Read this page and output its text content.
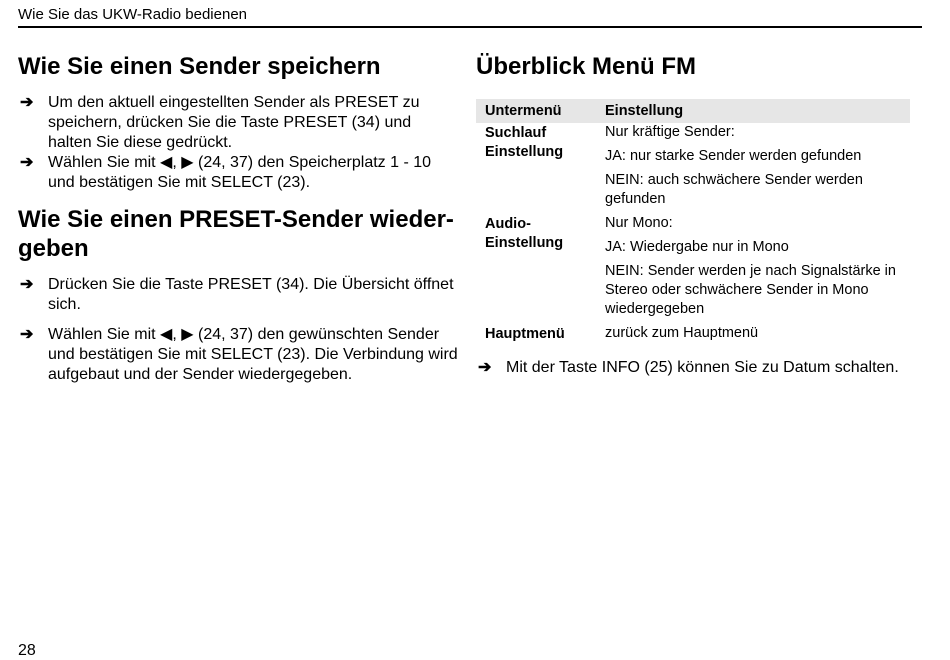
Wie Sie das UKW-Radio bedienen
Wie Sie einen Sender speichern
➔ Um den aktuell eingestellten Sender als PRESET zu speichern, drücken Sie die Taste PRESET (34) und halten Sie diese gedrückt.
➔ Wählen Sie mit ◀, ▶ (24, 37) den Speicherplatz 1 - 10 und bestätigen Sie mit SELECT (23).
Wie Sie einen PRESET-Sender wiedergeben
➔ Drücken Sie die Taste PRESET (34). Die Übersicht öffnet sich.
➔ Wählen Sie mit ◀, ▶ (24, 37) den gewünschten Sender und bestätigen Sie mit SELECT (23). Die Verbindung wird aufgebaut und der Sender wiedergegeben.
Überblick Menü FM
Untermenü	Einstellung
Suchlauf Einstellung	Nur kräftige Sender:
JA: nur starke Sender werden gefunden
NEIN: auch schwächere Sender werden gefunden

Audio-Einstellung	Nur Mono:
JA: Wiedergabe nur in Mono
NEIN: Sender werden je nach Signalstärke in Stereo oder schwächere Sender in Mono wiedergegeben

Hauptmenü	zurück zum Hauptmenü
➔ Mit der Taste INFO (25) können Sie zu Datum schalten.
28
